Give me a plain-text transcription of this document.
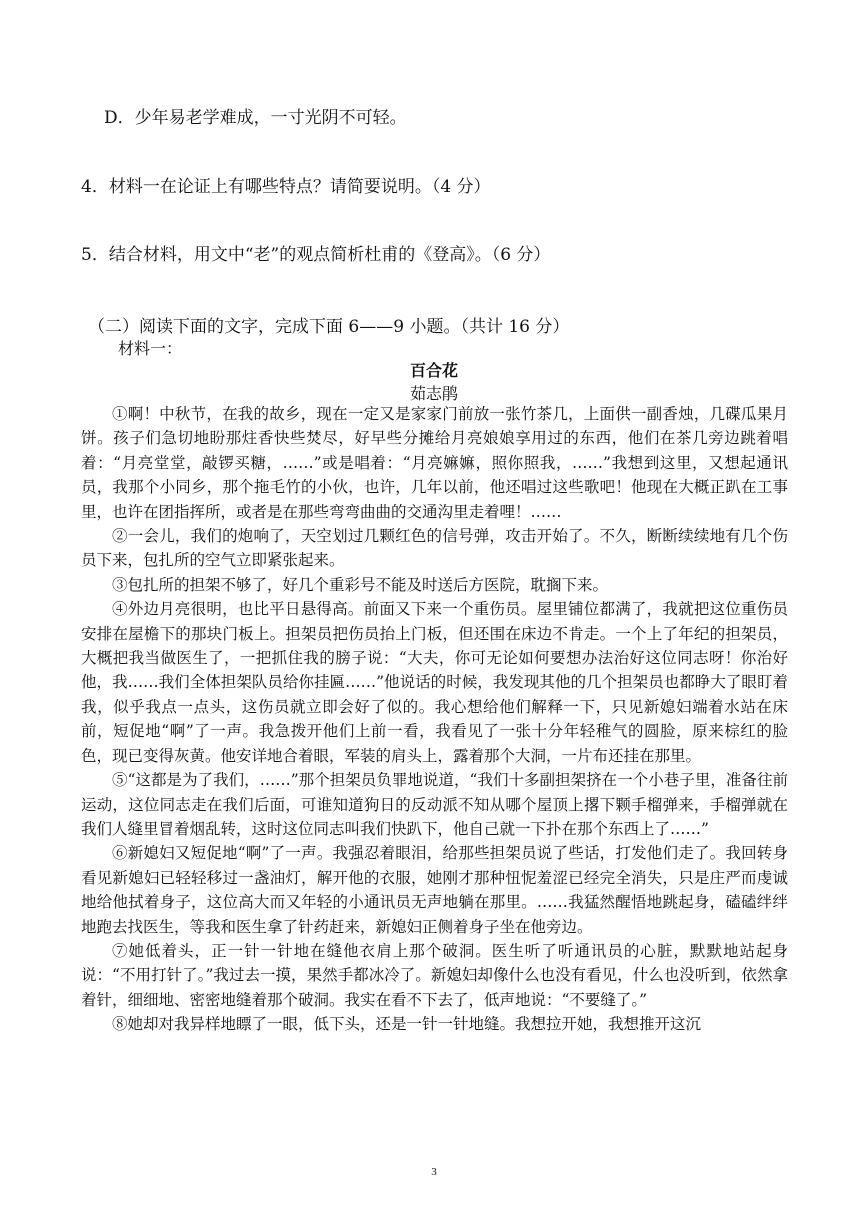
D．少年易老学难成，一寸光阴不可轻。
4．材料一在论证上有哪些特点？请简要说明。（4 分）
5．结合材料，用文中“老”的观点简析杜甫的《登高》。（6 分）
（二）阅读下面的文字，完成下面 6——9 小题。（共计 16 分）
材料一：
百合花
茹志鹃

①啊！中秋节，在我的故乡，现在一定又是家家门前放一张竹茶几，上面供一副香烛，几碟瓜果月饼。孩子们急切地盼那炷香快些焚尽，好早些分摊给月亮娘娘享用过的东西，他们在茶几旁边跳着唱着：“月亮堂堂，敲锣买糖，……”或是唱着：“月亮嫲嫲，照你照我，……”我想到这里，又想起通讯员，我那个小同乡，那个拖毛竹的小伙，也许，几年以前，他还唱过这些歌吧！他现在大概正趴在工事里，也许在团指挥所，或者是在那些弯弯曲曲的交通沟里走着哩！……

②一会儿，我们的炮响了，天空划过几颗红色的信号弹，攻击开始了。不久，断断续续地有几个伤员下来，包扎所的空气立即紧张起来。

③包扎所的担架不够了，好几个重彩号不能及时送后方医院，耽搁下来。

④外边月亮很明，也比平日悬得高。前面又下来一个重伤员。屋里铺位都满了，我就把这位重伤员安排在屋檐下的那块门板上。担架员把伤员抬上门板，但还围在床边不肯走。一个上了年纪的担架员，大概把我当做医生了，一把抓住我的膀子说：“大夫，你可无论如何要想办法治好这位同志呀！你治好他，我……我们全体担架队员给你挂匾……”他说话的时候，我发现其他的几个担架员也都睁大了眼盯着我，似乎我点一点头，这伤员就立即会好了似的。我心想给他们解释一下，只见新媳妇端着水站在床前，短促地“啊”了一声。我急拨开他们上前一看，我看见了一张十分年轻稚气的圆脸，原来棕红的脸色，现已变得灰黄。他安详地合着眼，军装的肩头上，露着那个大洞，一片布还挂在那里。

⑤“这都是为了我们，……”那个担架员负罪地说道，“我们十多副担架挤在一个小巷子里，准备往前运动，这位同志走在我们后面，可谁知道狗日的反动派不知从哪个屋顶上撂下颗手榴弹来，手榴弹就在我们人缝里冒着烟乱转，这时这位同志叫我们快趴下，他自己就一下扑在那个东西上了……”

⑥新媳妇又短促地“啊”了一声。我强忍着眼泪，给那些担架员说了些话，打发他们走了。我回转身看见新媳妇已轻轻移过一盏油灯，解开他的衣服，她刚才那种忸怩羞涩已经完全消失，只是庄严而虔诚地给他拭着身子，这位高大而又年轻的小通讯员无声地躺在那里。……我猛然醒悟地跳起身，磕磕绊绊地跑去找医生，等我和医生拿了针药赶来，新媳妇正侧着身子坐在他旁边。

⑦她低着头，正一针一针地在缝他衣肩上那个破洞。医生听了听通讯员的心脏，默默地站起身说：“不用打针了。”我过去一摸，果然手都冰冷了。新媳妇却像什么也没有看见，什么也没听到，依然拿着针，细细地、密密地缝着那个破洞。我实在看不下去了，低声地说：“不要缝了。”

⑧她却对我异样地瞟了一眼，低下头，还是一针一针地缝。我想拉开她，我想推开这沉

3
